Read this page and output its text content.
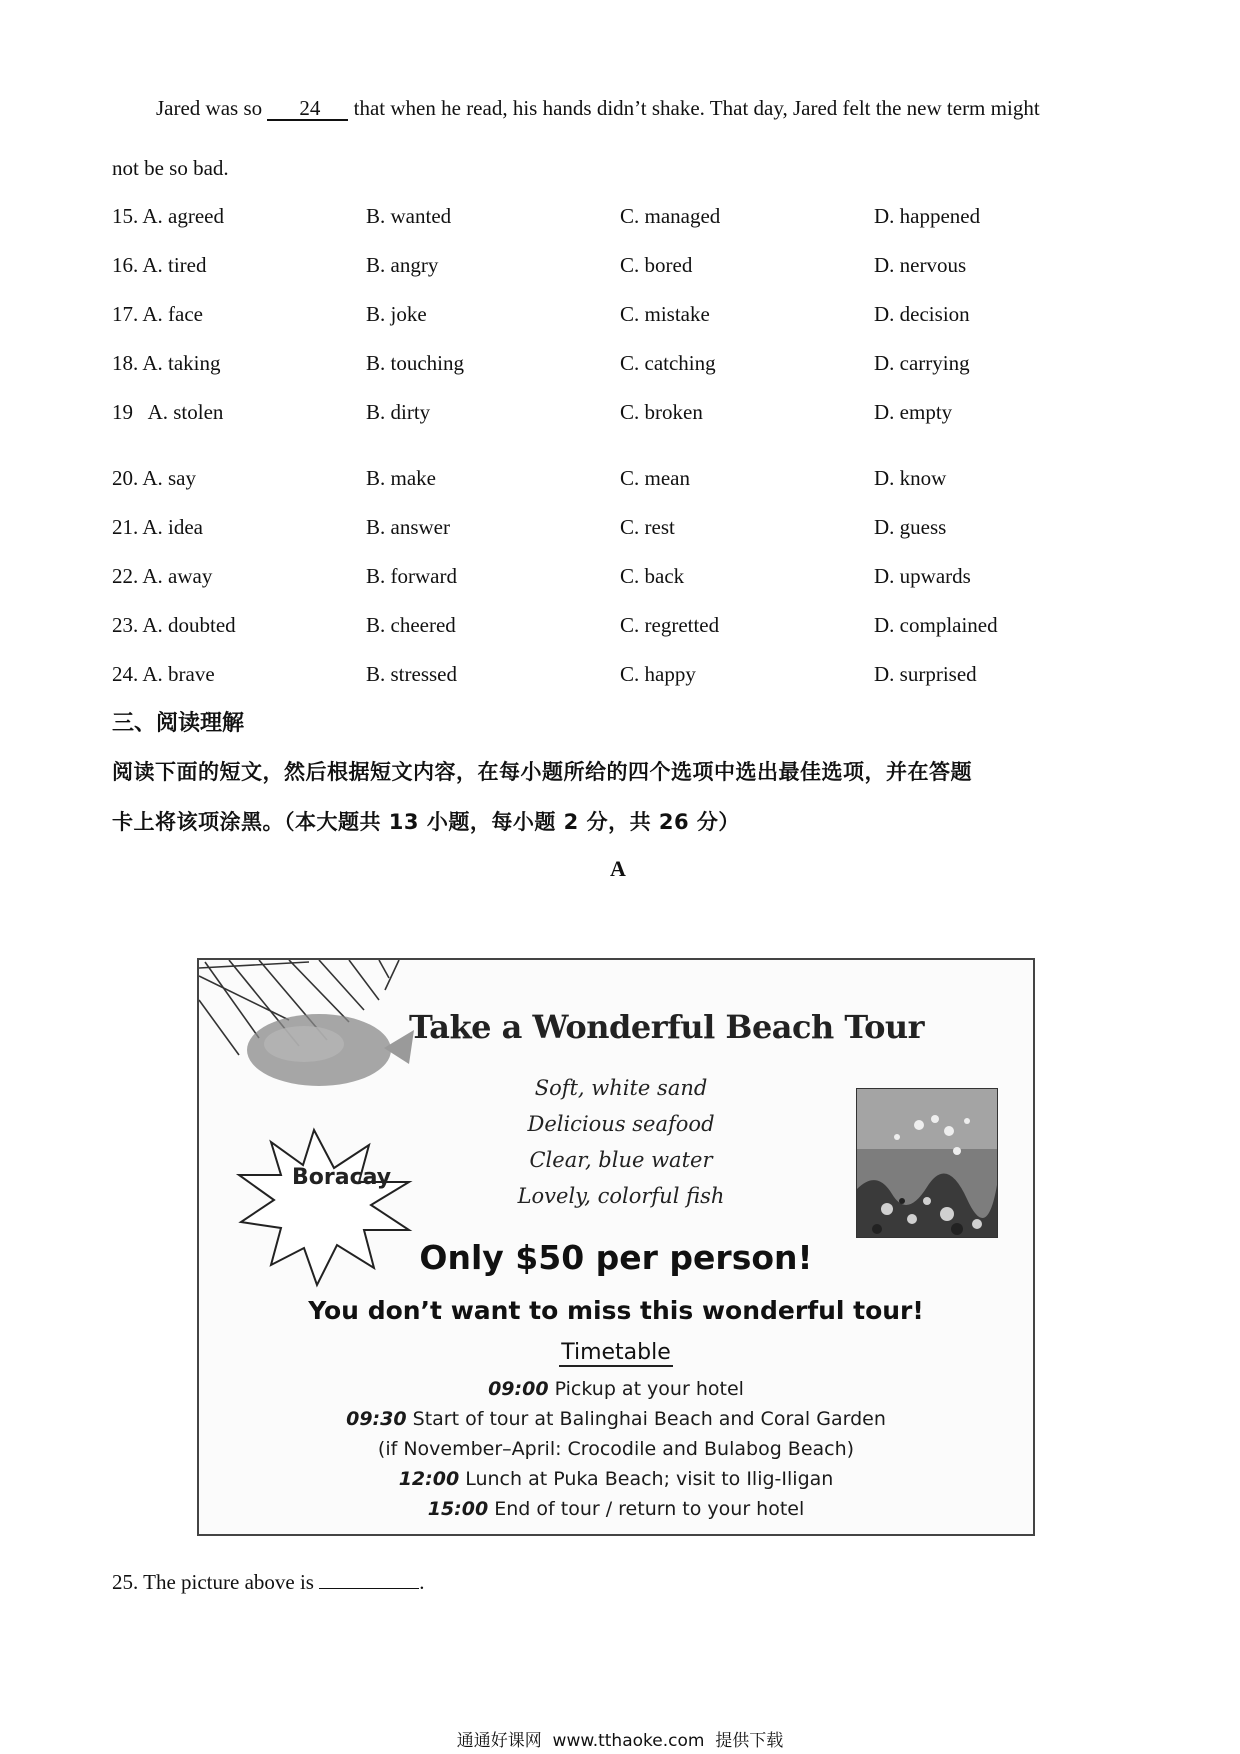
Jared was so 24 that when he read, his hands didn’t shake. That day, Jared felt the new term might
not be so bad.
15. A. agreed	B. wanted	C. managed	D. happened
16. A. tired	B. angry	C. bored	D. nervous
17. A. face	B. joke	C. mistake	D. decision
18. A. taking	B. touching	C. catching	D. carrying
19   A. stolen	B. dirty	C. broken	D. empty
20. A. say	B. make	C. mean	D. know
21. A. idea	B. answer	C. rest	D. guess
22. A. away	B. forward	C. back	D. upwards
23. A. doubted	B. cheered	C. regretted	D. complained
24. A. brave	B. stressed	C. happy	D. surprised
三、阅读理解
阅读下面的短文，然后根据短文内容，在每小题所给的四个选项中选出最佳选项，并在答题
卡上将该项涂黑。（本大题共 13 小题，每小题 2 分，共 26 分）
A
Take a Wonderful Beach Tour
Soft, white sand
Delicious seafood
Clear, blue water
Lovely, colorful fish
Boracay
Only $50 per person!
You don’t want to miss this wonderful tour!
Timetable
09:00 Pickup at your hotel
09:30 Start of tour at Balinghai Beach and Coral Garden
(if November–April: Crocodile and Bulabog Beach)
12:00 Lunch at Puka Beach; visit to Ilig-Iligan
15:00 End of tour / return to your hotel
25. The picture above is	.
通通好课网  www.tthaoke.com  提供下载
